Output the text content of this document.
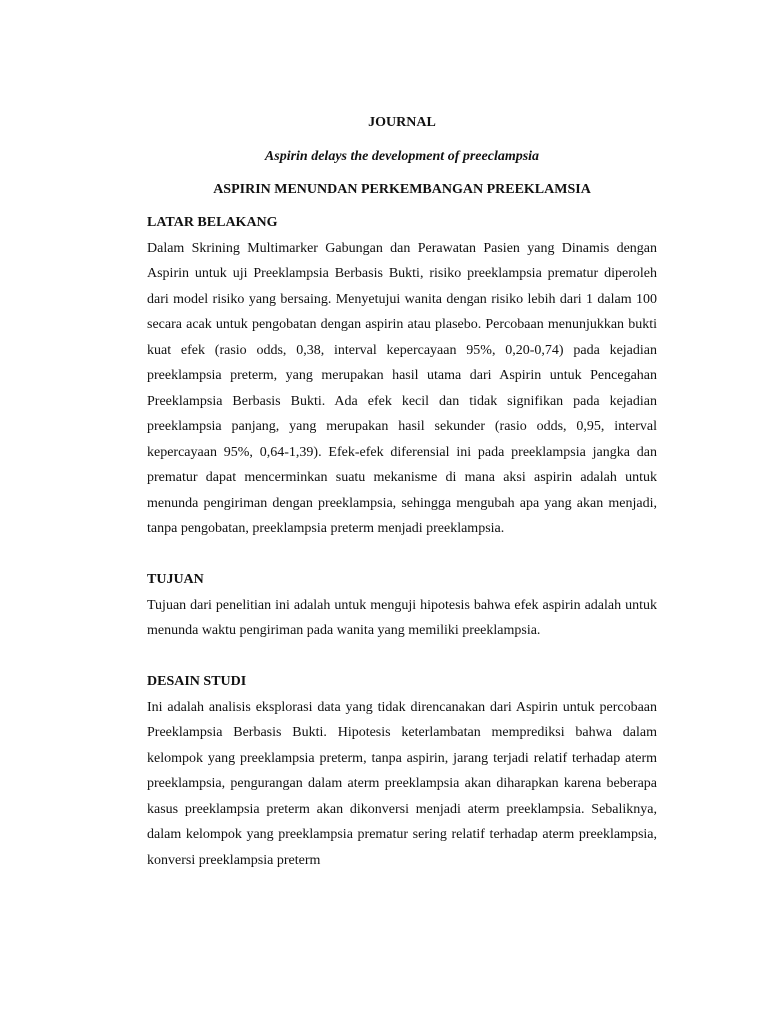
JOURNAL

Aspirin delays the development of preeclampsia

ASPIRIN MENUNDAN PERKEMBANGAN PREEKLAMSIA

LATAR BELAKANG

Dalam Skrining Multimarker Gabungan dan Perawatan Pasien yang Dinamis dengan Aspirin untuk uji Preeklampsia Berbasis Bukti, risiko preeklampsia prematur diperoleh dari model risiko yang bersaing. Menyetujui wanita dengan risiko lebih dari 1 dalam 100 secara acak untuk pengobatan dengan aspirin atau plasebo. Percobaan menunjukkan bukti kuat efek (rasio odds, 0,38, interval kepercayaan 95%, 0,20-0,74) pada kejadian preeklampsia preterm, yang merupakan hasil utama dari Aspirin untuk Pencegahan Preeklampsia Berbasis Bukti. Ada efek kecil dan tidak signifikan pada kejadian preeklampsia panjang, yang merupakan hasil sekunder (rasio odds, 0,95, interval kepercayaan 95%, 0,64-1,39). Efek-efek diferensial ini pada preeklampsia jangka dan prematur dapat mencerminkan suatu mekanisme di mana aksi aspirin adalah untuk menunda pengiriman dengan preeklampsia, sehingga mengubah apa yang akan menjadi, tanpa pengobatan, preeklampsia preterm menjadi preeklampsia.

TUJUAN

Tujuan dari penelitian ini adalah untuk menguji hipotesis bahwa efek aspirin adalah untuk menunda waktu pengiriman pada wanita yang memiliki preeklampsia.

DESAIN STUDI

Ini adalah analisis eksplorasi data yang tidak direncanakan dari Aspirin untuk percobaan Preeklampsia Berbasis Bukti. Hipotesis keterlambatan memprediksi bahwa dalam kelompok yang preeklampsia preterm, tanpa aspirin, jarang terjadi relatif terhadap aterm preeklampsia, pengurangan dalam aterm preeklampsia akan diharapkan karena beberapa kasus preeklampsia preterm akan dikonversi menjadi aterm preeklampsia. Sebaliknya, dalam kelompok yang preeklampsia prematur sering relatif terhadap aterm preeklampsia, konversi preeklampsia preterm
